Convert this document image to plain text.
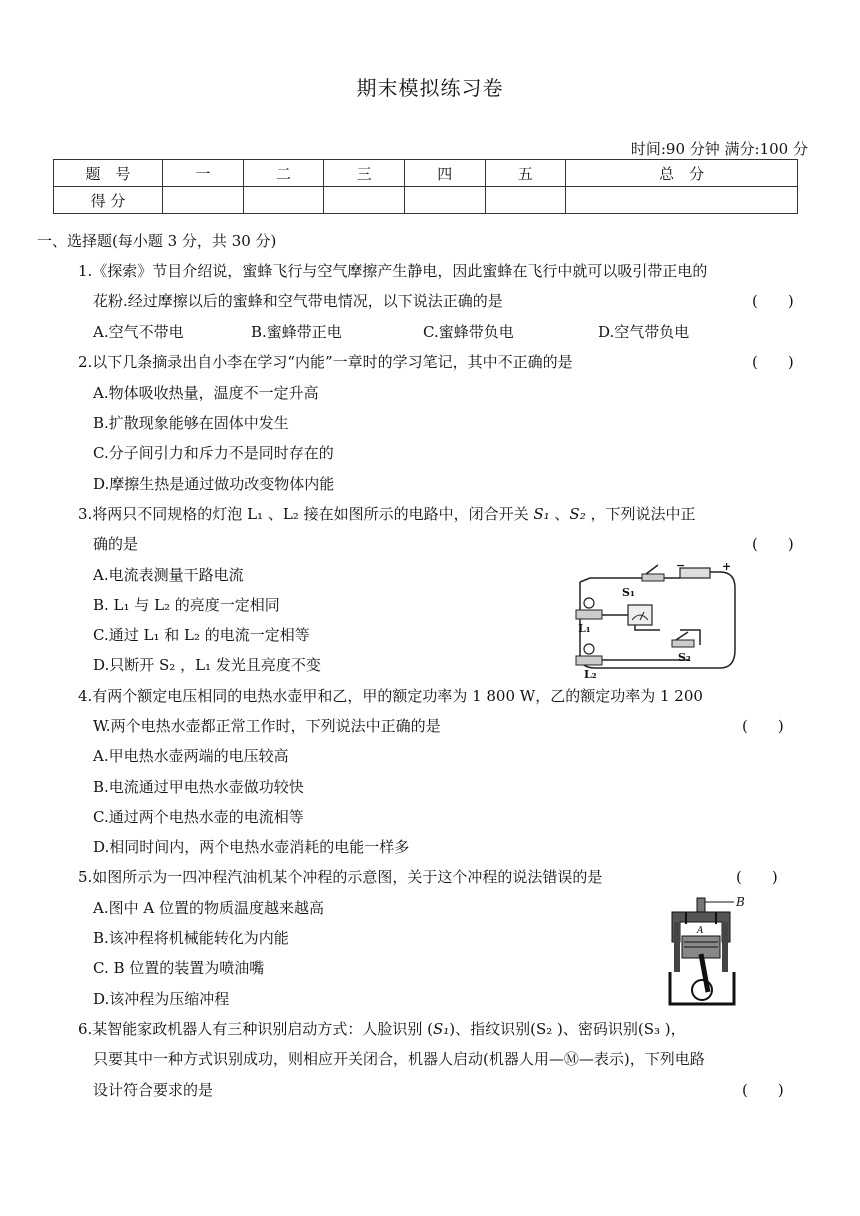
期末模拟练习卷
时间:90 分钟 满分:100 分
题　号	一	二	三	四	五	总　分
得 分						
一、选择题(每小题 3 分，共 30 分)
1.《探索》节目介绍说，蜜蜂飞行与空气摩擦产生静电，因此蜜蜂在飞行中就可以吸引带正电的
花粉.经过摩擦以后的蜜蜂和空气带电情况，以下说法正确的是	(　　)
A.空气不带电	B.蜜蜂带正电	C.蜜蜂带负电	D.空气带负电
2.以下几条摘录出自小李在学习“内能”一章时的学习笔记，其中不正确的是	(　　)
A.物体吸收热量，温度不一定升高
B.扩散现象能够在固体中发生
C.分子间引力和斥力不是同时存在的
D.摩擦生热是通过做功改变物体内能
3.将两只不同规格的灯泡 L₁ 、L₂ 接在如图所示的电路中，闭合开关 S₁ 、S₂ ，下列说法中正
确的是	(　　)
A.电流表测量干路电流
B. L₁ 与 L₂ 的亮度一定相同
C.通过 L₁ 和 L₂ 的电流一定相等
D.只断开 S₂ ，L₁ 发光且亮度不变
S₁
L₁
L₂
S₂
−	+
4.有两个额定电压相同的电热水壶甲和乙，甲的额定功率为 1 800 W，乙的额定功率为 1 200
W.两个电热水壶都正常工作时，下列说法中正确的是	(　　)
A.甲电热水壶两端的电压较高
B.电流通过甲电热水壶做功较快
C.通过两个电热水壶的电流相等
D.相同时间内，两个电热水壶消耗的电能一样多
5.如图所示为一四冲程汽油机某个冲程的示意图，关于这个冲程的说法错误的是	(　　)
A.图中 A 位置的物质温度越来越高
B.该冲程将机械能转化为内能
C. B 位置的装置为喷油嘴
D.该冲程为压缩冲程
B
A
6.某智能家政机器人有三种识别启动方式：人脸识别 (S₁)、指纹识别(S₂ )、密码识别(S₃ )，
只要其中一种方式识别成功，则相应开关闭合，机器人启动(机器人用—Ⓜ—表示)，下列电路
设计符合要求的是	(　　)
